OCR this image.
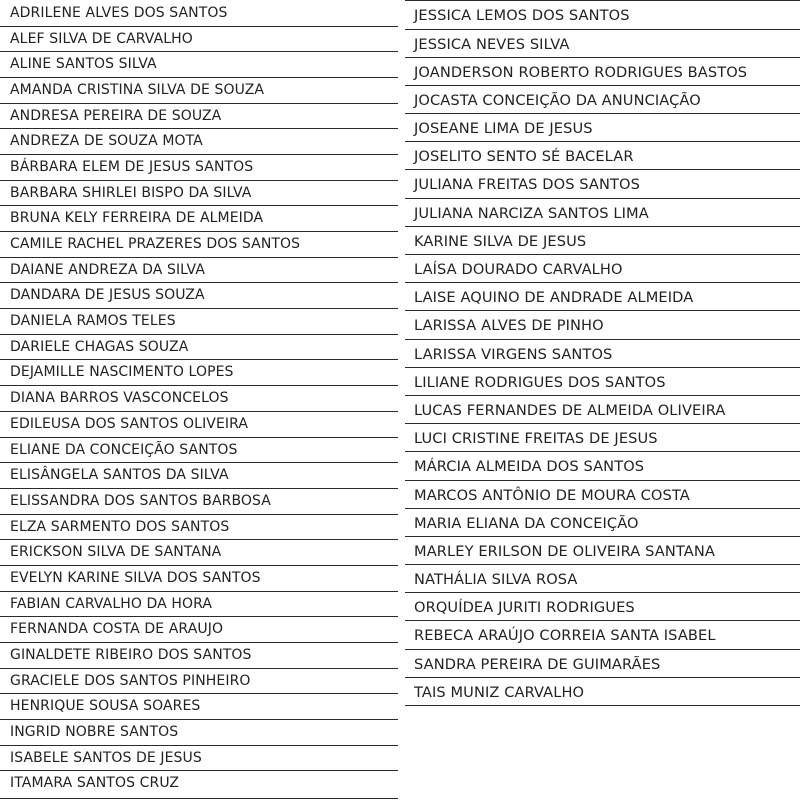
ADRILENE ALVES DOS SANTOS
ALEF SILVA DE CARVALHO
ALINE SANTOS SILVA
AMANDA CRISTINA SILVA DE SOUZA
ANDRESA PEREIRA DE SOUZA
ANDREZA DE SOUZA MOTA
BÁRBARA ELEM DE JESUS SANTOS
BARBARA SHIRLEI BISPO DA SILVA
BRUNA KELY FERREIRA DE ALMEIDA
CAMILE RACHEL PRAZERES DOS SANTOS
DAIANE ANDREZA DA SILVA
DANDARA DE JESUS SOUZA
DANIELA RAMOS TELES
DARIELE CHAGAS SOUZA
DEJAMILLE NASCIMENTO LOPES
DIANA BARROS VASCONCELOS
EDILEUSA DOS SANTOS OLIVEIRA
ELIANE DA CONCEIÇÃO SANTOS
ELISÂNGELA SANTOS DA SILVA
ELISSANDRA DOS SANTOS BARBOSA
ELZA SARMENTO DOS SANTOS
ERICKSON SILVA DE SANTANA
EVELYN KARINE SILVA DOS SANTOS
FABIAN CARVALHO DA HORA
FERNANDA COSTA DE ARAUJO
GINALDETE RIBEIRO DOS SANTOS
GRACIELE DOS SANTOS PINHEIRO
HENRIQUE SOUSA SOARES
INGRID NOBRE SANTOS
ISABELE SANTOS DE JESUS
ITAMARA SANTOS CRUZ
JESSICA LEMOS DOS SANTOS
JESSICA NEVES SILVA
JOANDERSON ROBERTO RODRIGUES BASTOS
JOCASTA CONCEIÇÃO DA ANUNCIAÇÃO
JOSEANE LIMA DE JESUS
JOSELITO SENTO SÉ BACELAR
JULIANA FREITAS DOS SANTOS
JULIANA NARCIZA SANTOS LIMA
KARINE SILVA DE JESUS
LAÍSA DOURADO CARVALHO
LAISE AQUINO DE ANDRADE ALMEIDA
LARISSA ALVES DE PINHO
LARISSA VIRGENS SANTOS
LILIANE RODRIGUES DOS SANTOS
LUCAS FERNANDES DE ALMEIDA OLIVEIRA
LUCI CRISTINE FREITAS DE JESUS
MÁRCIA ALMEIDA DOS SANTOS
MARCOS ANTÔNIO DE MOURA COSTA
MARIA ELIANA DA CONCEIÇÃO
MARLEY ERILSON DE OLIVEIRA SANTANA
NATHÁLIA SILVA ROSA
ORQUÍDEA JURITI RODRIGUES
REBECA ARAÚJO CORREIA SANTA ISABEL
SANDRA PEREIRA DE GUIMARÃES
TAIS MUNIZ CARVALHO
